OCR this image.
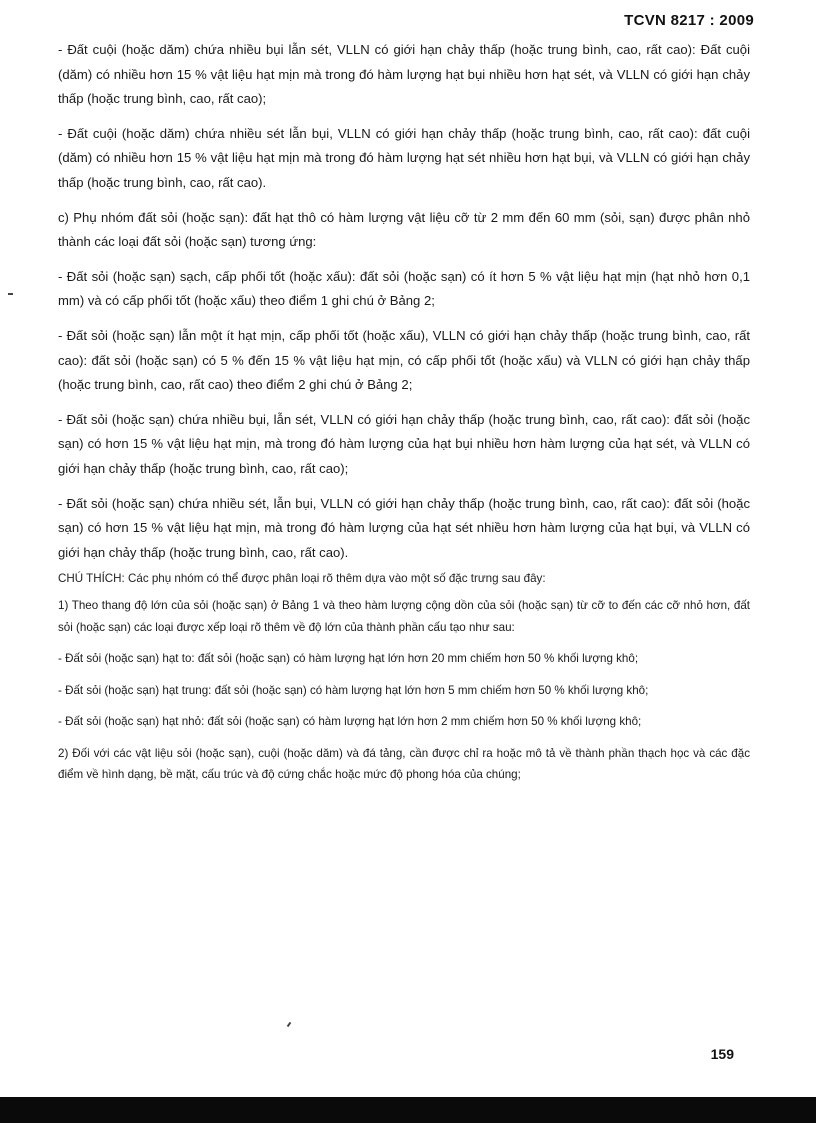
TCVN 8217 : 2009

- Đất cuội (hoặc dăm) chứa nhiều bụi lẫn sét, VLLN có giới hạn chảy thấp (hoặc trung bình, cao, rất cao): Đất cuội (dăm) có nhiều hơn 15 % vật liệu hạt mịn mà trong đó hàm lượng hạt bụi nhiều hơn hạt sét, và VLLN có giới hạn chảy thấp (hoặc trung bình, cao, rất cao);

- Đất cuội (hoặc dăm) chứa nhiều sét lẫn bụi, VLLN có giới hạn chảy thấp (hoặc trung bình, cao, rất cao): đất cuội (dăm) có nhiều hơn 15 % vật liệu hạt mịn mà trong đó hàm lượng hạt sét nhiều hơn hạt bụi, và VLLN có giới hạn chảy thấp (hoặc trung bình, cao, rất cao).

c) Phụ nhóm đất sỏi (hoặc sạn): đất hạt thô có hàm lượng vật liệu cỡ từ 2 mm đến 60 mm (sỏi, sạn) được phân nhỏ thành các loại đất sỏi (hoặc sạn) tương ứng:

- Đất sỏi (hoặc sạn) sạch, cấp phối tốt (hoặc xấu): đất sỏi (hoặc sạn) có ít hơn 5 % vật liệu hạt mịn (hạt nhỏ hơn 0,1 mm) và có cấp phối tốt (hoặc xấu) theo điểm 1 ghi chú ở Bảng 2;

- Đất sỏi (hoặc sạn) lẫn một ít hạt mịn, cấp phối tốt (hoặc xấu), VLLN có giới hạn chảy thấp (hoặc trung bình, cao, rất cao): đất sỏi (hoặc sạn) có 5 % đến 15 % vật liệu hạt mịn, có cấp phối tốt (hoặc xấu) và VLLN có giới hạn chảy thấp (hoặc trung bình, cao, rất cao) theo điểm 2 ghi chú ở Bảng 2;

- Đất sỏi (hoặc sạn) chứa nhiều bụi, lẫn sét, VLLN có giới hạn chảy thấp (hoặc trung bình, cao, rất cao): đất sỏi (hoặc sạn) có hơn 15 % vật liệu hạt mịn, mà trong đó hàm lượng của hạt bụi nhiều hơn hàm lượng của hạt sét, và VLLN có giới hạn chảy thấp (hoặc trung bình, cao, rất cao);

- Đất sỏi (hoặc sạn) chứa nhiều sét, lẫn bụi, VLLN có giới hạn chảy thấp (hoặc trung bình, cao, rất cao): đất sỏi (hoặc sạn) có hơn 15 % vật liệu hạt mịn, mà trong đó hàm lượng của hạt sét nhiều hơn hàm lượng của hạt bụi, và VLLN có giới hạn chảy thấp (hoặc trung bình, cao, rất cao).

CHÚ THÍCH: Các phụ nhóm có thể được phân loại rõ thêm dựa vào một số đặc trưng sau đây:

1) Theo thang độ lớn của sỏi (hoặc sạn) ở Bảng 1 và theo hàm lượng cộng dồn của sỏi (hoặc sạn) từ cỡ to đến các cỡ nhỏ hơn, đất sỏi (hoặc sạn) các loại được xếp loại rõ thêm về độ lớn của thành phần cấu tạo như sau:

- Đất sỏi (hoặc sạn) hạt to: đất sỏi (hoặc sạn) có hàm lượng hạt lớn hơn 20 mm chiếm hơn 50 % khối lượng khô;

- Đất sỏi (hoặc sạn) hạt trung: đất sỏi (hoặc sạn) có hàm lượng hạt lớn hơn 5 mm chiếm hơn 50 % khối lượng khô;

- Đất sỏi (hoặc sạn) hạt nhỏ: đất sỏi (hoặc sạn) có hàm lượng hạt lớn hơn 2 mm chiếm hơn 50 % khối lượng khô;

2) Đối với các vật liệu sỏi (hoặc sạn), cuội (hoặc dăm) và đá tảng, cần được chỉ ra hoặc mô tả về thành phần thạch học và các đặc điểm về hình dạng, bề mặt, cấu trúc và độ cứng chắc hoặc mức độ phong hóa của chúng;

159
